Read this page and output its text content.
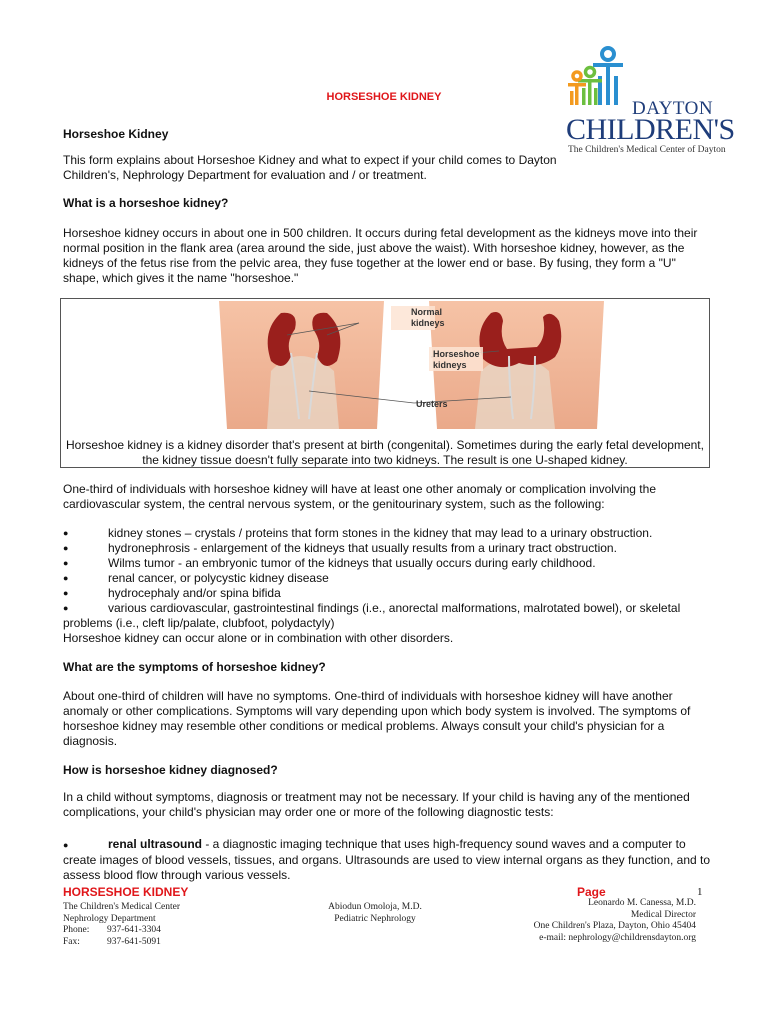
DAYTON
CHILDREN'S
The Children's Medical Center of Dayton
HORSESHOE KIDNEY
Horseshoe Kidney
This form explains about Horseshoe Kidney and what to expect if your child comes to Dayton Children's, Nephrology Department for evaluation and / or treatment.
What is a horseshoe kidney?
Horseshoe kidney occurs in about one in 500 children. It occurs during fetal development as the kidneys move into their normal position in the flank area (area around the side, just above the waist). With horseshoe kidney, however, as the kidneys of the fetus rise from the pelvic area, they fuse together at the lower end or base. By fusing, they form a "U" shape, which gives it the name "horseshoe."
Normal
kidneys
Horseshoe
kidneys
Ureters
Horseshoe kidney is a kidney disorder that's present at birth (congenital). Sometimes during the early fetal development, the kidney tissue doesn't fully separate into two kidneys. The result is one U-shaped kidney.
One-third of individuals with horseshoe kidney will have at least one other anomaly or complication involving the cardiovascular system, the central nervous system, or the genitourinary system, such as the following:
●	kidney stones – crystals / proteins that form stones in the kidney that may lead to a urinary obstruction.
●	hydronephrosis - enlargement of the kidneys that usually results from a urinary tract obstruction.
●	Wilms tumor - an embryonic tumor of the kidneys that usually occurs during early childhood.
●	renal cancer, or polycystic kidney disease
●	hydrocephaly and/or spina bifida
●	various cardiovascular, gastrointestinal findings (i.e., anorectal malformations, malrotated bowel), or skeletal problems (i.e., cleft lip/palate, clubfoot, polydactyly)
Horseshoe kidney can occur alone or in combination with other disorders.
What are the symptoms of horseshoe kidney?
About one-third of children will have no symptoms. One-third of individuals with horseshoe kidney will have another anomaly or other complications. Symptoms will vary depending upon which body system is involved. The symptoms of horseshoe kidney may resemble other conditions or medical problems. Always consult your child's physician for a diagnosis.
How is horseshoe kidney diagnosed?
In a child without symptoms, diagnosis or treatment may not be necessary. If your child is having any of the mentioned complications, your child's physician may order one or more of the following diagnostic tests:
●	renal ultrasound - a diagnostic imaging technique that uses high-frequency sound waves and a computer to create images of blood vessels, tissues, and organs. Ultrasounds are used to view internal organs as they function, and to assess blood flow through various vessels.
HORSESHOE KIDNEY	Page	1
The Children's Medical Center
Nephrology Department
Phone: 937-641-3304
Fax:	937-641-5091
Abiodun Omoloja, M.D.
Pediatric Nephrology
Leonardo M. Canessa, M.D.
Medical Director
One Children's Plaza, Dayton, Ohio 45404
e-mail: nephrology@childrensdayton.org
